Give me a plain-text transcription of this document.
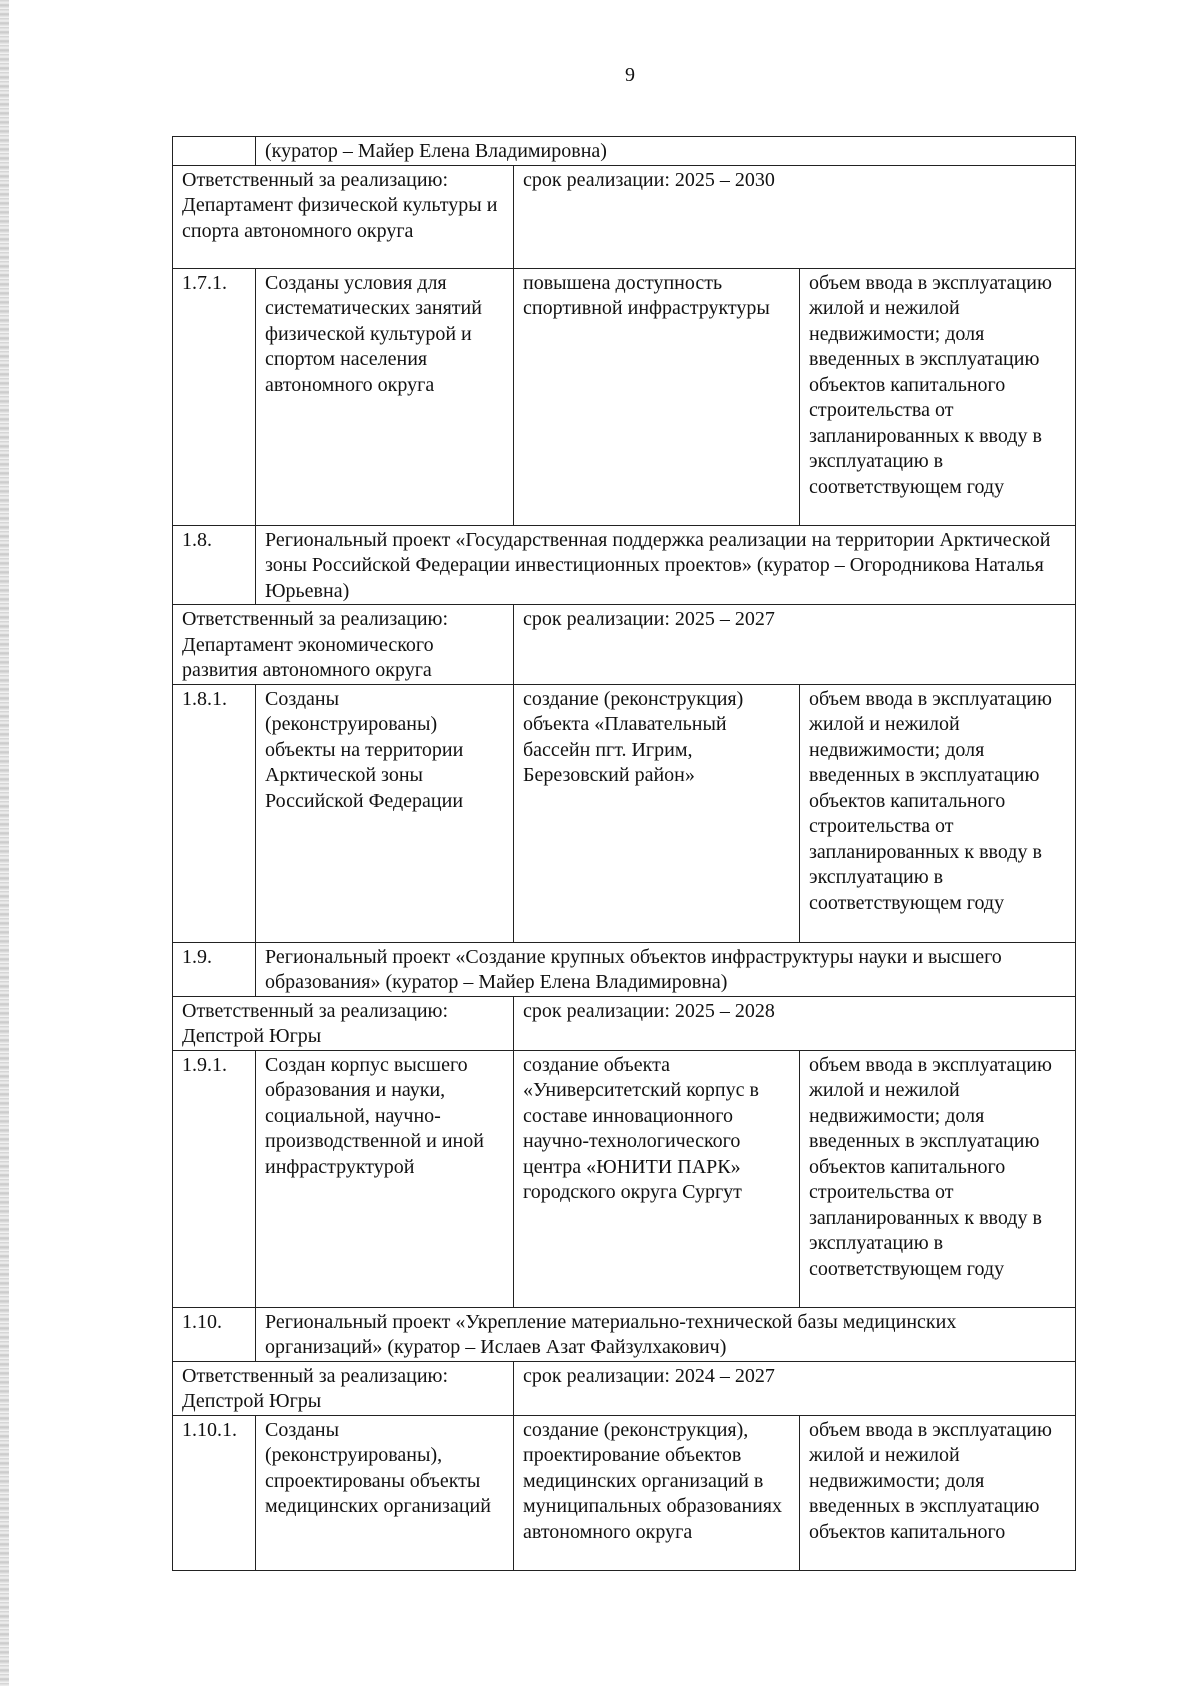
9
	(куратор – Майер Елена Владимировна)		
Ответственный за реализацию: Департамент физической культуры и спорта автономного округа		срок реализации: 2025 – 2030	
1.7.1.	Созданы условия для систематических занятий физической культурой и спортом населения автономного округа	повышена доступность спортивной инфраструктуры	объем ввода в эксплуатацию жилой и нежилой недвижимости; доля введенных в эксплуатацию объектов капитального строительства от запланированных к вводу в эксплуатацию в соответствующем году
1.8.	Региональный проект «Государственная поддержка реализации на территории Арктической зоны Российской Федерации инвестиционных проектов» (куратор – Огородникова Наталья Юрьевна)		
Ответственный за реализацию: Департамент экономического развития автономного округа		срок реализации: 2025 – 2027	
1.8.1.	Созданы (реконструированы) объекты на территории Арктической зоны Российской Федерации	создание (реконструкция) объекта «Плавательный бассейн пгт. Игрим, Березовский район»	объем ввода в эксплуатацию жилой и нежилой недвижимости; доля введенных в эксплуатацию объектов капитального строительства от запланированных к вводу в эксплуатацию в соответствующем году
1.9.	Региональный проект «Создание крупных объектов инфраструктуры науки и высшего образования» (куратор – Майер Елена Владимировна)		
Ответственный за реализацию: Депстрой Югры		срок реализации: 2025 – 2028	
1.9.1.	Создан корпус высшего образования и науки, социальной, научно-производственной и иной инфраструктурой	создание объекта «Университетский корпус в составе инновационного научно-технологического центра «ЮНИТИ ПАРК» городского округа Сургут	объем ввода в эксплуатацию жилой и нежилой недвижимости; доля введенных в эксплуатацию объектов капитального строительства от запланированных к вводу в эксплуатацию в соответствующем году
1.10.	Региональный проект «Укрепление материально-технической базы медицинских организаций» (куратор – Ислаев Азат Файзулхакович)		
Ответственный за реализацию: Депстрой Югры		срок реализации: 2024 – 2027	
1.10.1.	Созданы (реконструированы), спроектированы объекты медицинских организаций	создание (реконструкция), проектирование объектов медицинских организаций в муниципальных образованиях автономного округа	объем ввода в эксплуатацию жилой и нежилой недвижимости; доля введенных в эксплуатацию объектов капитального
